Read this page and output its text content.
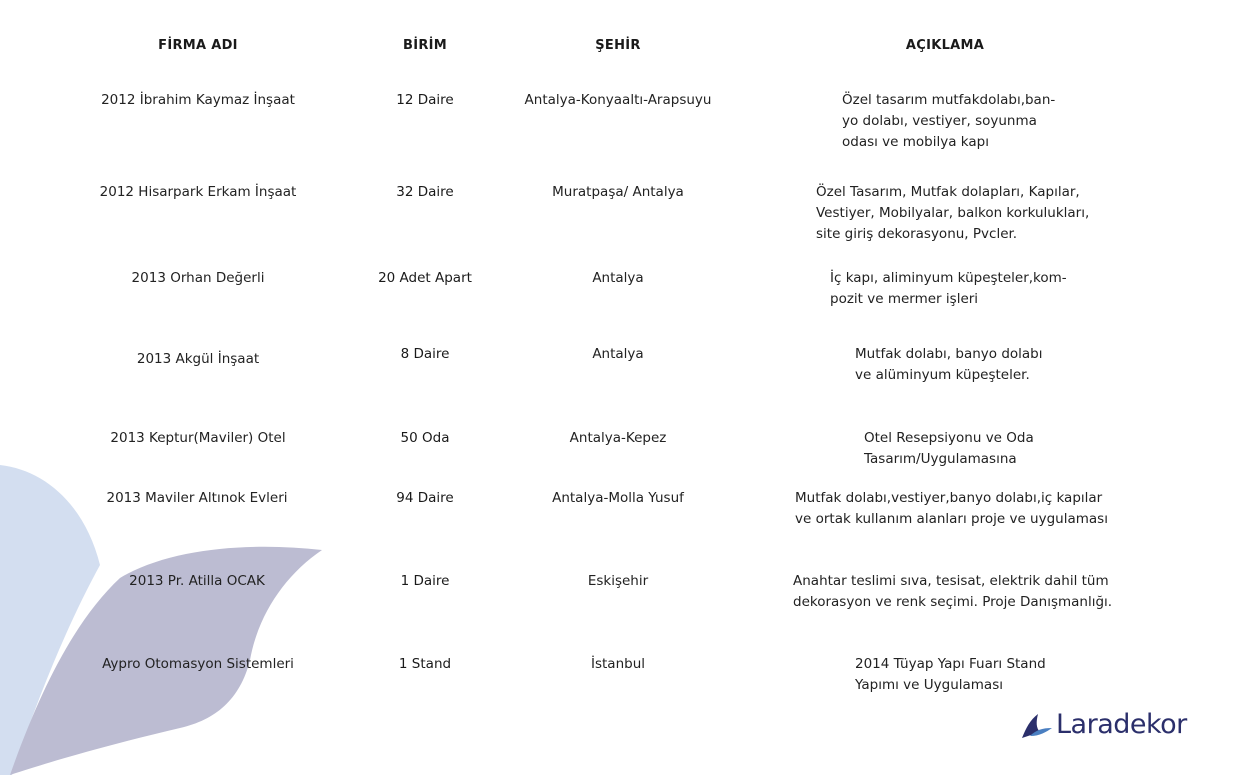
FİRMA ADI	BİRİM	ŞEHİR	AÇIKLAMA
2012 İbrahim Kaymaz İnşaat	12 Daire	Antalya-Konyaaltı-Arapsuyu	Özel tasarım mutfakdolabı,ban-
yo dolabı, vestiyer, soyunma
odası ve mobilya kapı
2012 Hisarpark Erkam İnşaat	32 Daire	Muratpaşa/ Antalya	Özel Tasarım, Mutfak dolapları, Kapılar,
Vestiyer, Mobilyalar, balkon korkulukları,
site giriş dekorasyonu, Pvcler.
2013 Orhan Değerli	20 Adet Apart	Antalya	İç kapı, aliminyum küpeşteler,kom-
pozit ve mermer işleri
2013 Akgül İnşaat	8 Daire	Antalya	Mutfak dolabı, banyo dolabı
ve alüminyum küpeşteler.
2013 Keptur(Maviler) Otel	50 Oda	Antalya-Kepez	Otel Resepsiyonu ve Oda
Tasarım/Uygulamasına
2013 Maviler Altınok Evleri	94 Daire	Antalya-Molla Yusuf	Mutfak dolabı,vestiyer,banyo dolabı,iç kapılar
ve ortak kullanım alanları proje ve uygulaması
2013 Pr. Atilla OCAK	1 Daire	Eskişehir	Anahtar teslimi sıva, tesisat, elektrik dahil tüm
dekorasyon ve renk seçimi. Proje Danışmanlığı.
Aypro Otomasyon Sistemleri	1 Stand	İstanbul	2014 Tüyap Yapı Fuarı Stand
Yapımı ve Uygulaması
Laradekor
